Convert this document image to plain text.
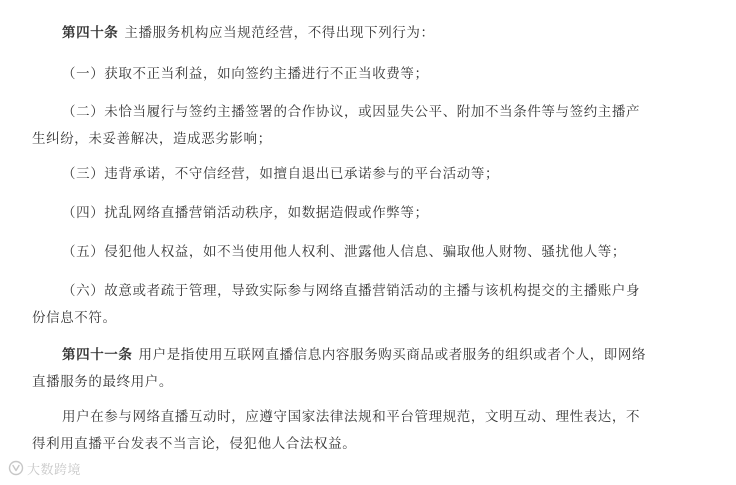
第四十条 主播服务机构应当规范经营，不得出现下列行为：
（一）获取不正当利益，如向签约主播进行不正当收费等；
（二）未恰当履行与签约主播签署的合作协议，或因显失公平、附加不当条件等与签约主播产
生纠纷，未妥善解决，造成恶劣影响；
（三）违背承诺，不守信经营，如擅自退出已承诺参与的平台活动等；
（四）扰乱网络直播营销活动秩序，如数据造假或作弊等；
（五）侵犯他人权益，如不当使用他人权利、泄露他人信息、骗取他人财物、骚扰他人等；
（六）故意或者疏于管理，导致实际参与网络直播营销活动的主播与该机构提交的主播账户身
份信息不符。
第四十一条 用户是指使用互联网直播信息内容服务购买商品或者服务的组织或者个人，即网络
直播服务的最终用户。
用户在参与网络直播互动时，应遵守国家法律法规和平台管理规范，文明互动、理性表达，不
得利用直播平台发表不当言论，侵犯他人合法权益。
大数跨境
